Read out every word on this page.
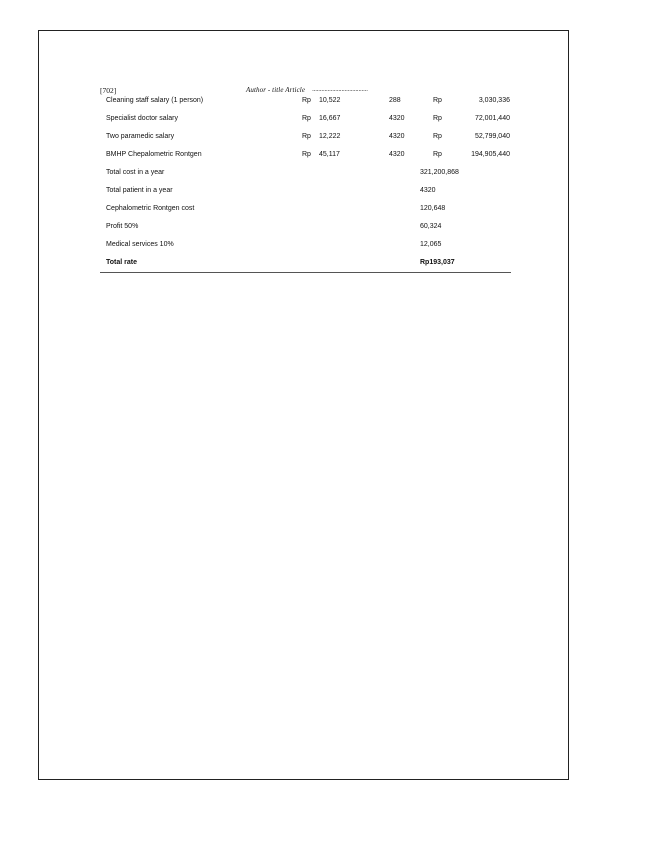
[702]	Author - title Article ....................................
Cleaning staff salary (1 person)	Rp 10,522	288	Rp	3,030,336
Specialist doctor salary	Rp 16,667	4320	Rp	72,001,440
Two paramedic salary	Rp 12,222	4320	Rp	52,799,040
BMHP Chepalometric Rontgen	Rp 45,117	4320	Rp	194,905,440
Total cost in a year	321,200,868
Total patient in a year	4320
Cephalometric Rontgen cost	120,648
Profit 50%	60,324
Medical services 10%	12,065
Total rate	Rp193,037
